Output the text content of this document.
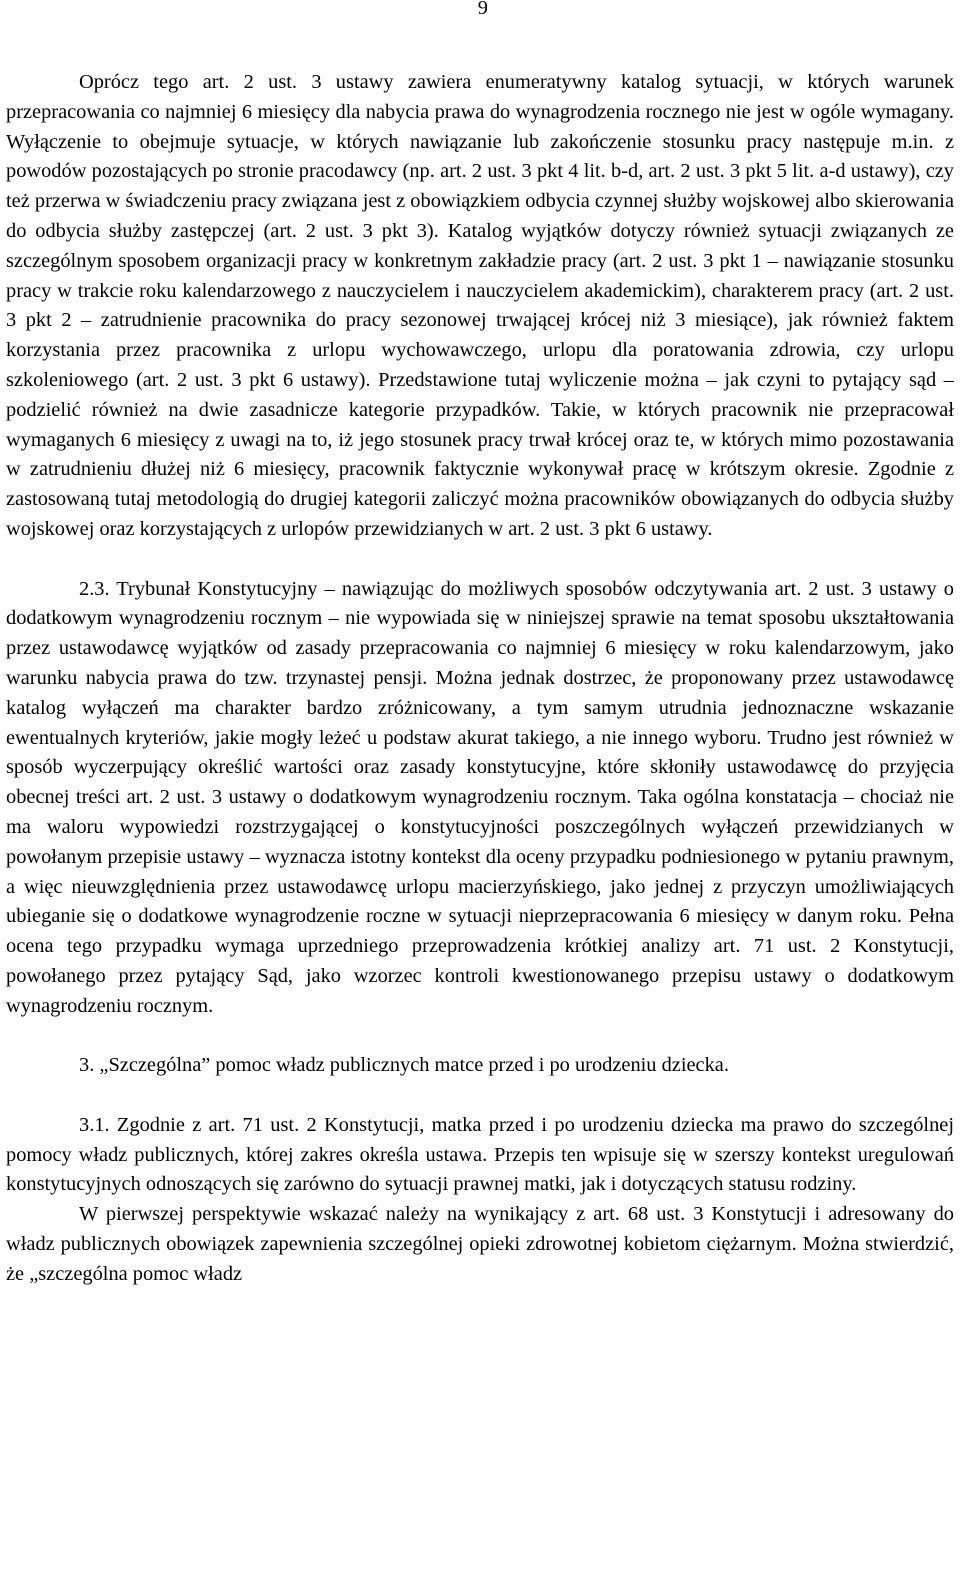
9

Oprócz tego art. 2 ust. 3 ustawy zawiera enumeratywny katalog sytuacji, w których warunek przepracowania co najmniej 6 miesięcy dla nabycia prawa do wynagrodzenia rocznego nie jest w ogóle wymagany. Wyłączenie to obejmuje sytuacje, w których nawiązanie lub zakończenie stosunku pracy następuje m.in. z powodów pozostających po stronie pracodawcy (np. art. 2 ust. 3 pkt 4 lit. b-d, art. 2 ust. 3 pkt 5 lit. a-d ustawy), czy też przerwa w świadczeniu pracy związana jest z obowiązkiem odbycia czynnej służby wojskowej albo skierowania do odbycia służby zastępczej (art. 2 ust. 3 pkt 3). Katalog wyjątków dotyczy również sytuacji związanych ze szczególnym sposobem organizacji pracy w konkretnym zakładzie pracy (art. 2 ust. 3 pkt 1 – nawiązanie stosunku pracy w trakcie roku kalendarzowego z nauczycielem i nauczycielem akademickim), charakterem pracy (art. 2 ust. 3 pkt 2 – zatrudnienie pracownika do pracy sezonowej trwającej krócej niż 3 miesiące), jak również faktem korzystania przez pracownika z urlopu wychowawczego, urlopu dla poratowania zdrowia, czy urlopu szkoleniowego (art. 2 ust. 3 pkt 6 ustawy). Przedstawione tutaj wyliczenie można – jak czyni to pytający sąd – podzielić również na dwie zasadnicze kategorie przypadków. Takie, w których pracownik nie przepracował wymaganych 6 miesięcy z uwagi na to, iż jego stosunek pracy trwał krócej oraz te, w których mimo pozostawania w zatrudnieniu dłużej niż 6 miesięcy, pracownik faktycznie wykonywał pracę w krótszym okresie. Zgodnie z zastosowaną tutaj metodologią do drugiej kategorii zaliczyć można pracowników obowiązanych do odbycia służby wojskowej oraz korzystających z urlopów przewidzianych w art. 2 ust. 3 pkt 6 ustawy.

2.3. Trybunał Konstytucyjny – nawiązując do możliwych sposobów odczytywania art. 2 ust. 3 ustawy o dodatkowym wynagrodzeniu rocznym – nie wypowiada się w niniejszej sprawie na temat sposobu ukształtowania przez ustawodawcę wyjątków od zasady przepracowania co najmniej 6 miesięcy w roku kalendarzowym, jako warunku nabycia prawa do tzw. trzynastej pensji. Można jednak dostrzec, że proponowany przez ustawodawcę katalog wyłączeń ma charakter bardzo zróżnicowany, a tym samym utrudnia jednoznaczne wskazanie ewentualnych kryteriów, jakie mogły leżeć u podstaw akurat takiego, a nie innego wyboru. Trudno jest również w sposób wyczerpujący określić wartości oraz zasady konstytucyjne, które skłoniły ustawodawcę do przyjęcia obecnej treści art. 2 ust. 3 ustawy o dodatkowym wynagrodzeniu rocznym. Taka ogólna konstatacja – chociaż nie ma waloru wypowiedzi rozstrzygającej o konstytucyjności poszczególnych wyłączeń przewidzianych w powołanym przepisie ustawy – wyznacza istotny kontekst dla oceny przypadku podniesionego w pytaniu prawnym, a więc nieuwzględnienia przez ustawodawcę urlopu macierzyńskiego, jako jednej z przyczyn umożliwiających ubieganie się o dodatkowe wynagrodzenie roczne w sytuacji nieprzepracowania 6 miesięcy w danym roku. Pełna ocena tego przypadku wymaga uprzedniego przeprowadzenia krótkiej analizy art. 71 ust. 2 Konstytucji, powołanego przez pytający Sąd, jako wzorzec kontroli kwestionowanego przepisu ustawy o dodatkowym wynagrodzeniu rocznym.

3. „Szczególna” pomoc władz publicznych matce przed i po urodzeniu dziecka.

3.1. Zgodnie z art. 71 ust. 2 Konstytucji, matka przed i po urodzeniu dziecka ma prawo do szczególnej pomocy władz publicznych, której zakres określa ustawa. Przepis ten wpisuje się w szerszy kontekst uregulowań konstytucyjnych odnoszących się zarówno do sytuacji prawnej matki, jak i dotyczących statusu rodziny.

W pierwszej perspektywie wskazać należy na wynikający z art. 68 ust. 3 Konstytucji i adresowany do władz publicznych obowiązek zapewnienia szczególnej opieki zdrowotnej kobietom ciężarnym. Można stwierdzić, że „szczególna pomoc władz
